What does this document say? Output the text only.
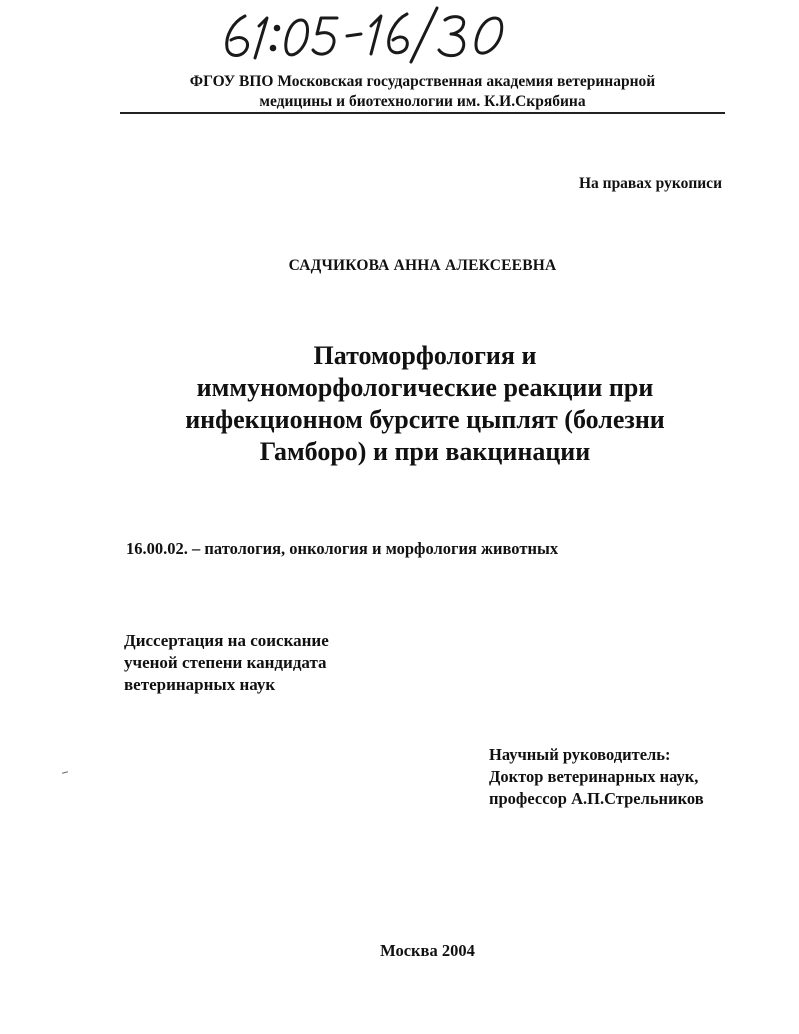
ФГОУ ВПО Московская государственная академия ветеринарной
медицины и биотехнологии им. К.И.Скрябина
На правах рукописи
САДЧИКОВА АННА АЛЕКСЕЕВНА
Патоморфология и
иммуноморфологические реакции при
инфекционном бурсите цыплят (болезни
Гамборо) и при вакцинации
16.00.02. – патология, онкология и морфология животных
Диссертация на соискание
ученой степени кандидата
ветеринарных наук
Научный руководитель:
Доктор ветеринарных наук,
профессор А.П.Стрельников
Москва 2004
